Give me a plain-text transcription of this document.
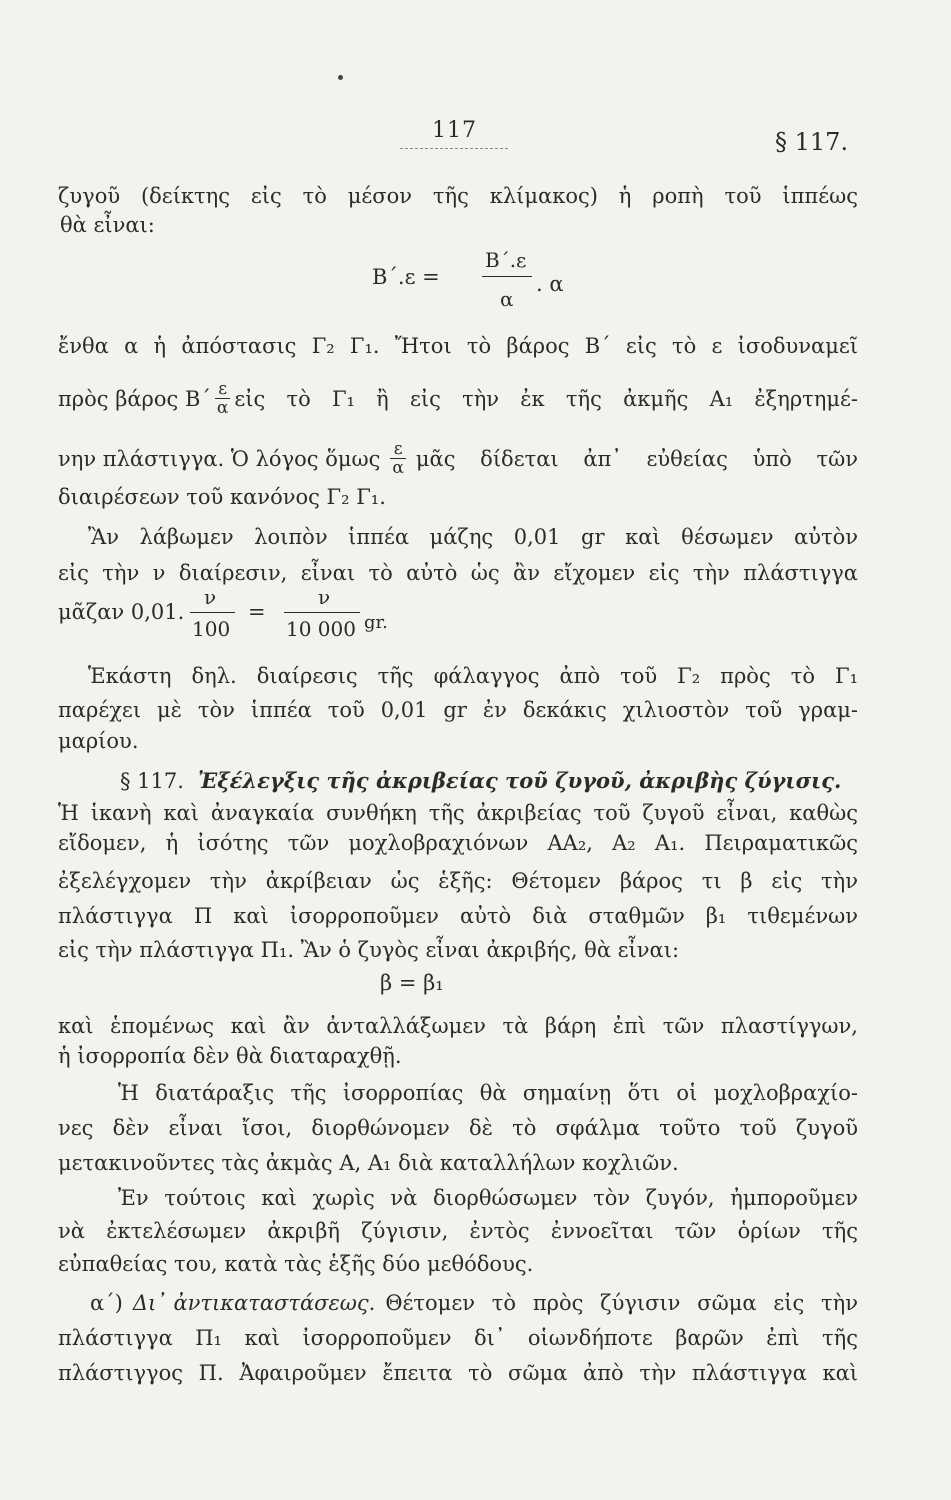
117	§ 117.
ζυγοῦ (δείκτης εἰς τὸ μέσον τῆς κλίμακος) ἡ ροπὴ τοῦ ἱππέως
θὰ εἶναι:
Β΄.ε =
Β΄.ε
α
. α
ἔνθα α ἡ ἀπόστασις Γ₂ Γ₁. Ἤτοι τὸ βάρος Β΄ εἰς τὸ ε ἰσοδυναμεῖ
πρὸς βάρος $B΄ \frac{\varepsilon}{\alpha}$ εἰς τὸ Γ₁ ἢ εἰς τὴν ἐκ τῆς ἀκμῆς Α₁ ἐξηρτημέ-
νην πλάστιγγα. Ὁ λόγος ὅμως $\frac{\varepsilon}{\alpha}$ μᾶς δίδεται ἀπ᾽ εὐθείας ὑπὸ τῶν
διαιρέσεων τοῦ κανόνος Γ₂ Γ₁.
Ἂν λάβωμεν λοιπὸν ἱππέα μάζης 0,01 gr καὶ θέσωμεν αὐτὸν
εἰς τὴν ν διαίρεσιν, εἶναι τὸ αὐτὸ ὡς ἂν εἴχομεν εἰς τὴν πλάστιγγα
μᾶζαν 0,01.
ν
100
=
ν
10 000 gr.
Ἑκάστη δηλ. διαίρεσις τῆς φάλαγγος ἀπὸ τοῦ Γ₂ πρὸς τὸ Γ₁
παρέχει μὲ τὸν ἱππέα τοῦ 0,01 gr ἐν δεκάκις χιλιοστὸν τοῦ γραμ-
μαρίου.
§ 117. Ἐξέλεγξις τῆς ἀκριβείας τοῦ ζυγοῦ, ἀκριβὴς ζύγισις.
Ἡ ἱκανὴ καὶ ἀναγκαία συνθήκη τῆς ἀκριβείας τοῦ ζυγοῦ εἶναι, καθὼς
εἴδομεν, ἡ ἰσότης τῶν μοχλοβραχιόνων ΑΑ₂, Α₂ Α₁. Πειραματικῶς
ἐξελέγχομεν τὴν ἀκρίβειαν ὡς ἑξῆς: Θέτομεν βάρος τι β εἰς τὴν
πλάστιγγα Π καὶ ἰσορροποῦμεν αὐτὸ διὰ σταθμῶν β₁ τιθεμένων
εἰς τὴν πλάστιγγα Π₁. Ἂν ὁ ζυγὸς εἶναι ἀκριβής, θὰ εἶναι:
β = β₁
καὶ ἑπομένως καὶ ἂν ἀνταλλάξωμεν τὰ βάρη ἐπὶ τῶν πλαστίγγων,
ἡ ἰσορροπία δὲν θὰ διαταραχθῇ.
Ἡ διατάραξις τῆς ἰσορροπίας θὰ σημαίνῃ ὅτι οἱ μοχλοβραχίο-
νες δὲν εἶναι ἴσοι, διορθώνομεν δὲ τὸ σφάλμα τοῦτο τοῦ ζυγοῦ
μετακινοῦντες τὰς ἀκμὰς Α, Α₁ διὰ καταλλήλων κοχλιῶν.
Ἐν τούτοις καὶ χωρὶς νὰ διορθώσωμεν τὸν ζυγόν, ἠμποροῦμεν
νὰ ἐκτελέσωμεν ἀκριβῆ ζύγισιν, ἐντὸς ἐννοεῖται τῶν ὁρίων τῆς
εὐπαθείας του, κατὰ τὰς ἑξῆς δύο μεθόδους.
α΄) Δι᾽ ἀντικαταστάσεως. Θέτομεν τὸ πρὸς ζύγισιν σῶμα εἰς τὴν
πλάστιγγα Π₁ καὶ ἰσορροποῦμεν δι᾽ οἱωνδήποτε βαρῶν ἐπὶ τῆς
πλάστιγγος Π. Ἀφαιροῦμεν ἔπειτα τὸ σῶμα ἀπὸ τὴν πλάστιγγα καὶ
